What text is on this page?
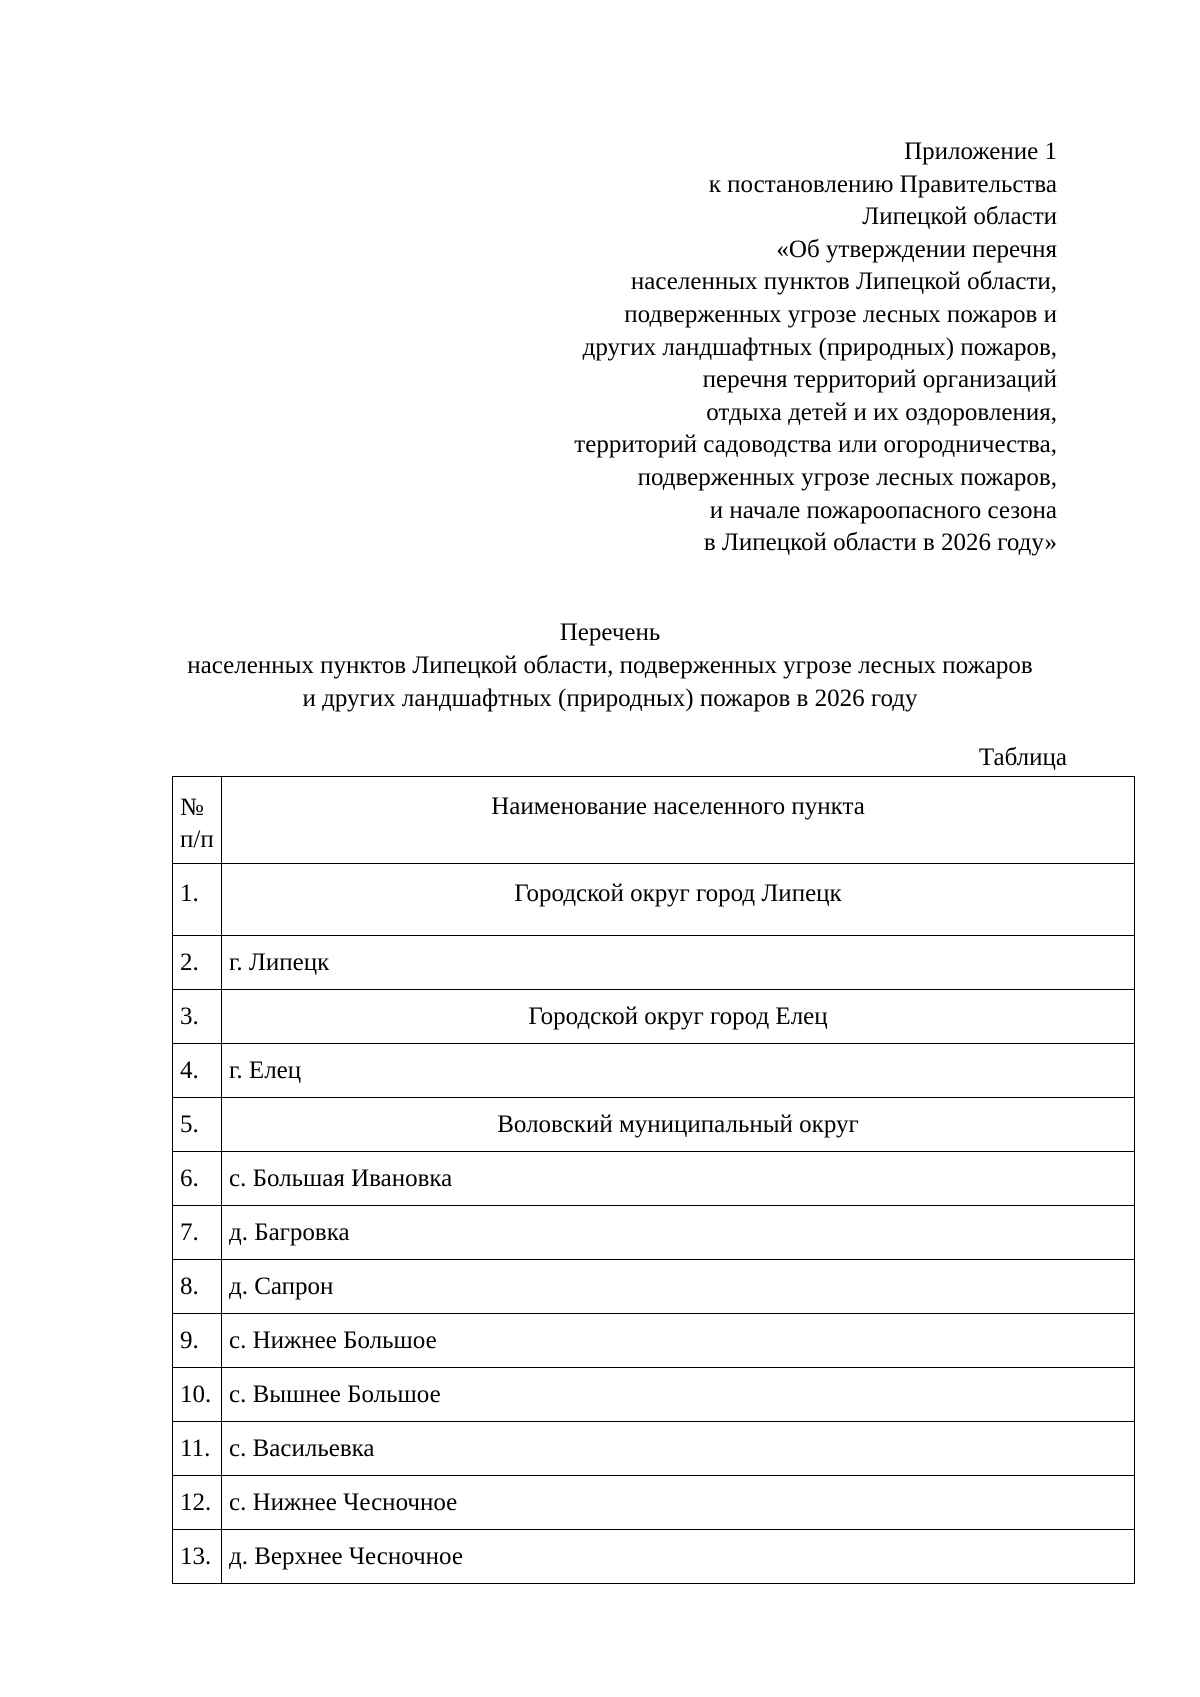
Приложение 1
к постановлению Правительства
Липецкой области
«Об утверждении перечня
населенных пунктов Липецкой области,
подверженных угрозе лесных пожаров и
других ландшафтных (природных) пожаров,
перечня территорий организаций
отдыха детей и их оздоровления,
территорий садоводства или огородничества,
подверженных угрозе лесных пожаров,
и начале пожароопасного сезона
в Липецкой области в 2026 году»
Перечень
населенных пунктов Липецкой области, подверженных угрозе лесных пожаров
и других ландшафтных (природных) пожаров в 2026 году
Таблица
№
п/п	Наименование населенного пункта
1.	Городской округ город Липецк
2.	г. Липецк
3.	Городской округ город Елец
4.	г. Елец
5.	Воловский муниципальный округ
6.	с. Большая Ивановка
7.	д. Багровка
8.	д. Сапрон
9.	с. Нижнее Большое
10.	с. Вышнее Большое
11.	с. Васильевка
12.	с. Нижнее Чесночное
13.	д. Верхнее Чесночное
